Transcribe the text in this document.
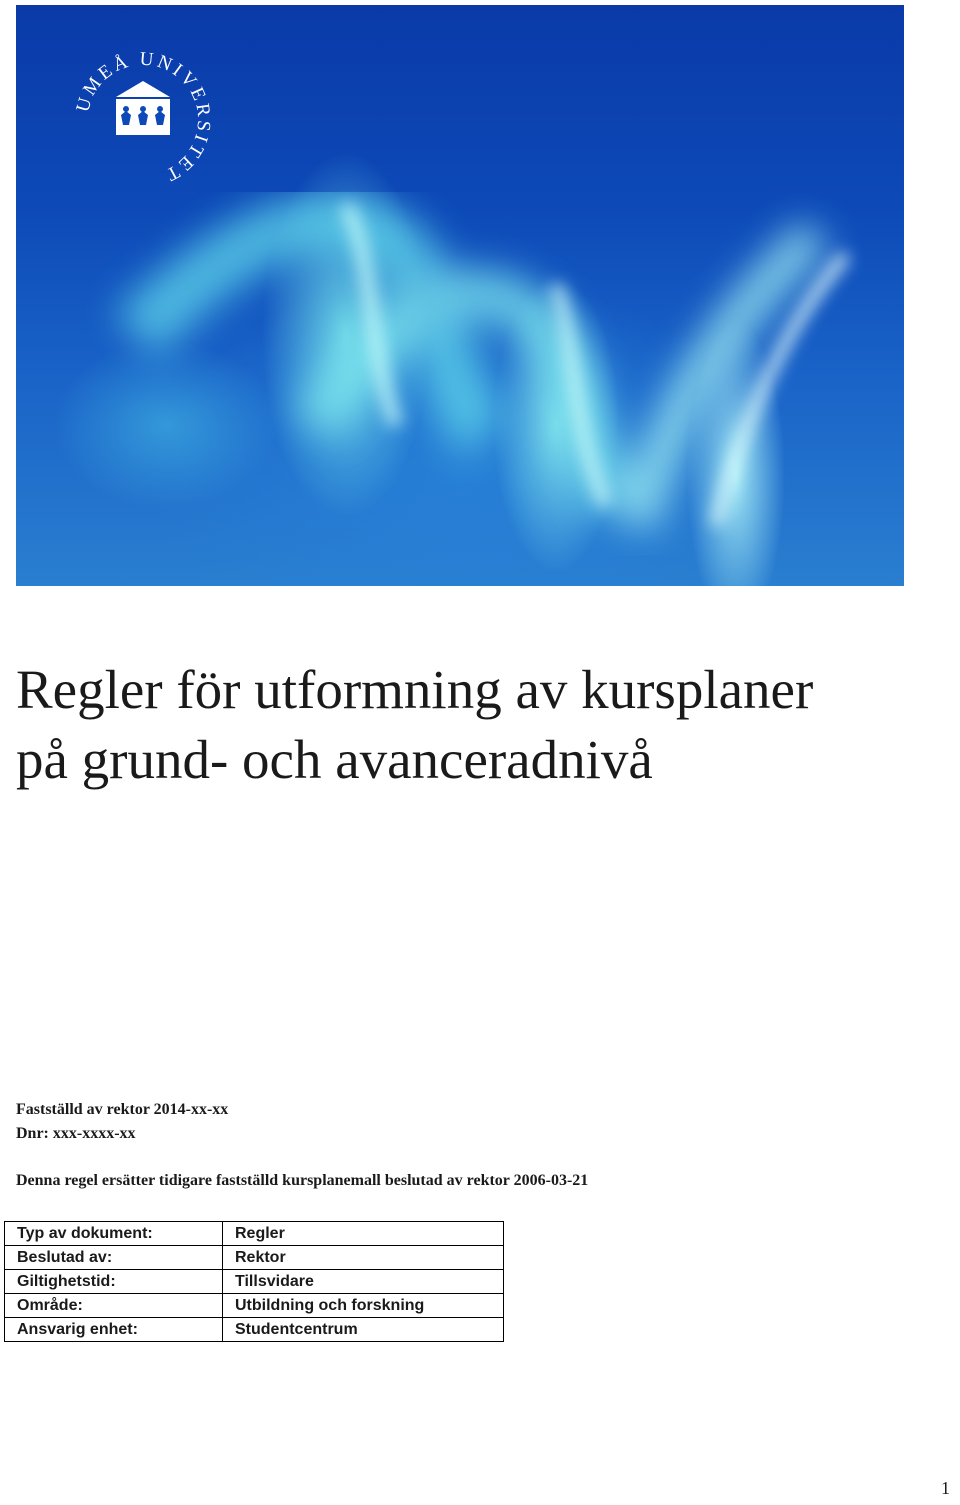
UMEÅ UNIVERSITET
Regler för utformning av kursplaner
på grund- och avanceradnivå
Fastställd av rektor 2014-xx-xx
Dnr: xxx-xxxx-xx
Denna regel ersätter tidigare fastställd kursplanemall beslutad av rektor 2006-03-21
Typ av dokument:	Regler
Beslutad av:	Rektor
Giltighetstid:	Tillsvidare
Område:	Utbildning och forskning
Ansvarig enhet:	Studentcentrum
1
